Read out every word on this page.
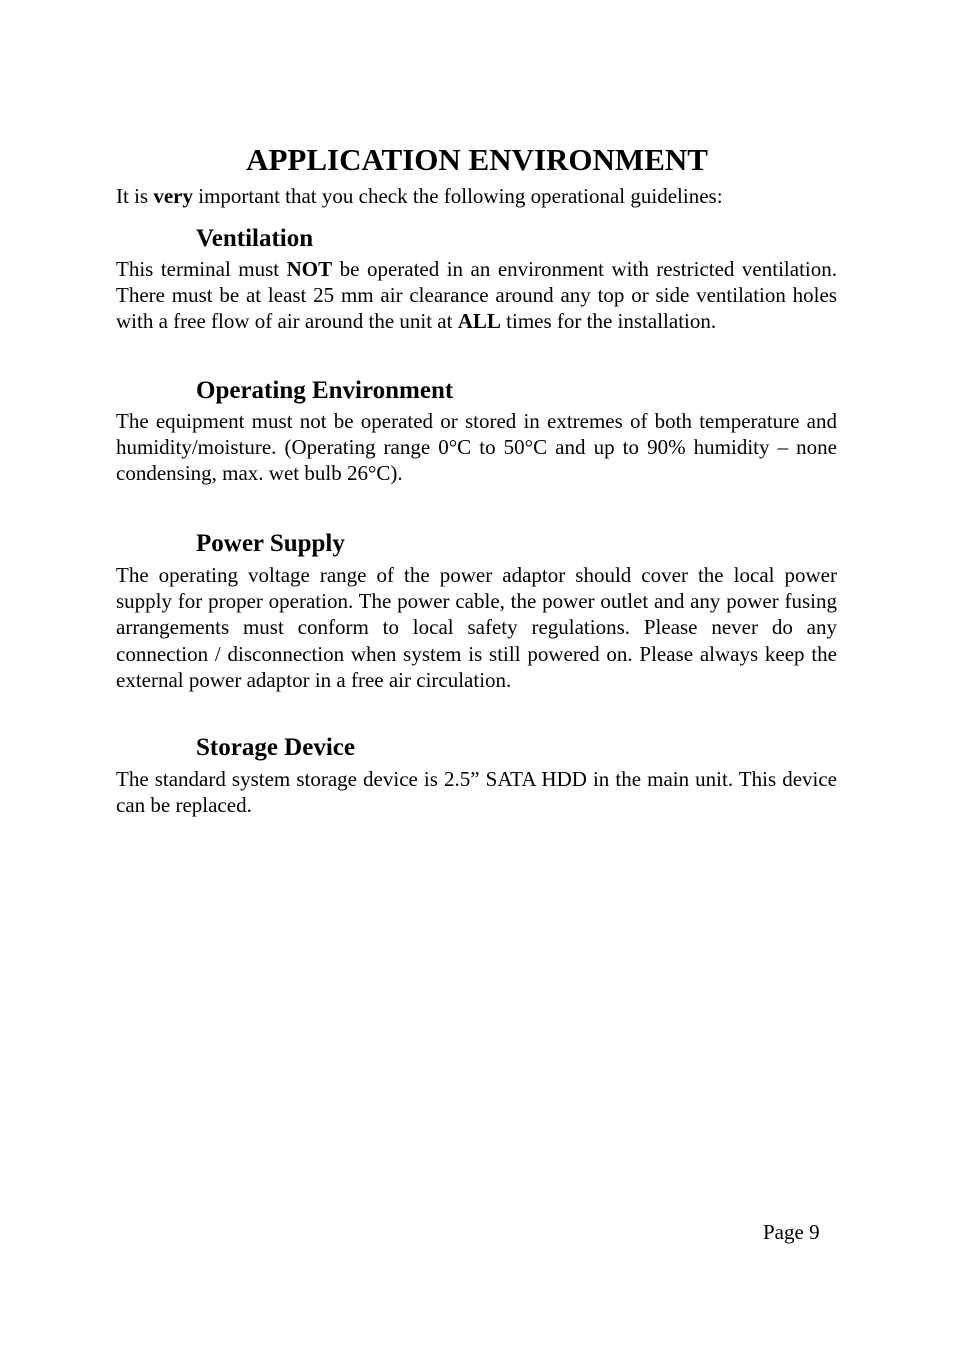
APPLICATION ENVIRONMENT

It is very important that you check the following operational guidelines:

Ventilation

This terminal must NOT be operated in an environment with restricted ventilation. There must be at least 25 mm air clearance around any top or side ventilation holes with a free flow of air around the unit at ALL times for the installation.

Operating Environment

The equipment must not be operated or stored in extremes of both temperature and humidity/moisture. (Operating range 0°C to 50°C and up to 90% humidity – none condensing, max. wet bulb 26°C).

Power Supply

The operating voltage range of the power adaptor should cover the local power supply for proper operation. The power cable, the power outlet and any power fusing arrangements must conform to local safety regulations. Please never do any connection / disconnection when system is still powered on. Please always keep the external power adaptor in a free air circulation.

Storage Device

The standard system storage device is 2.5” SATA HDD in the main unit. This device can be replaced.

Page 9
